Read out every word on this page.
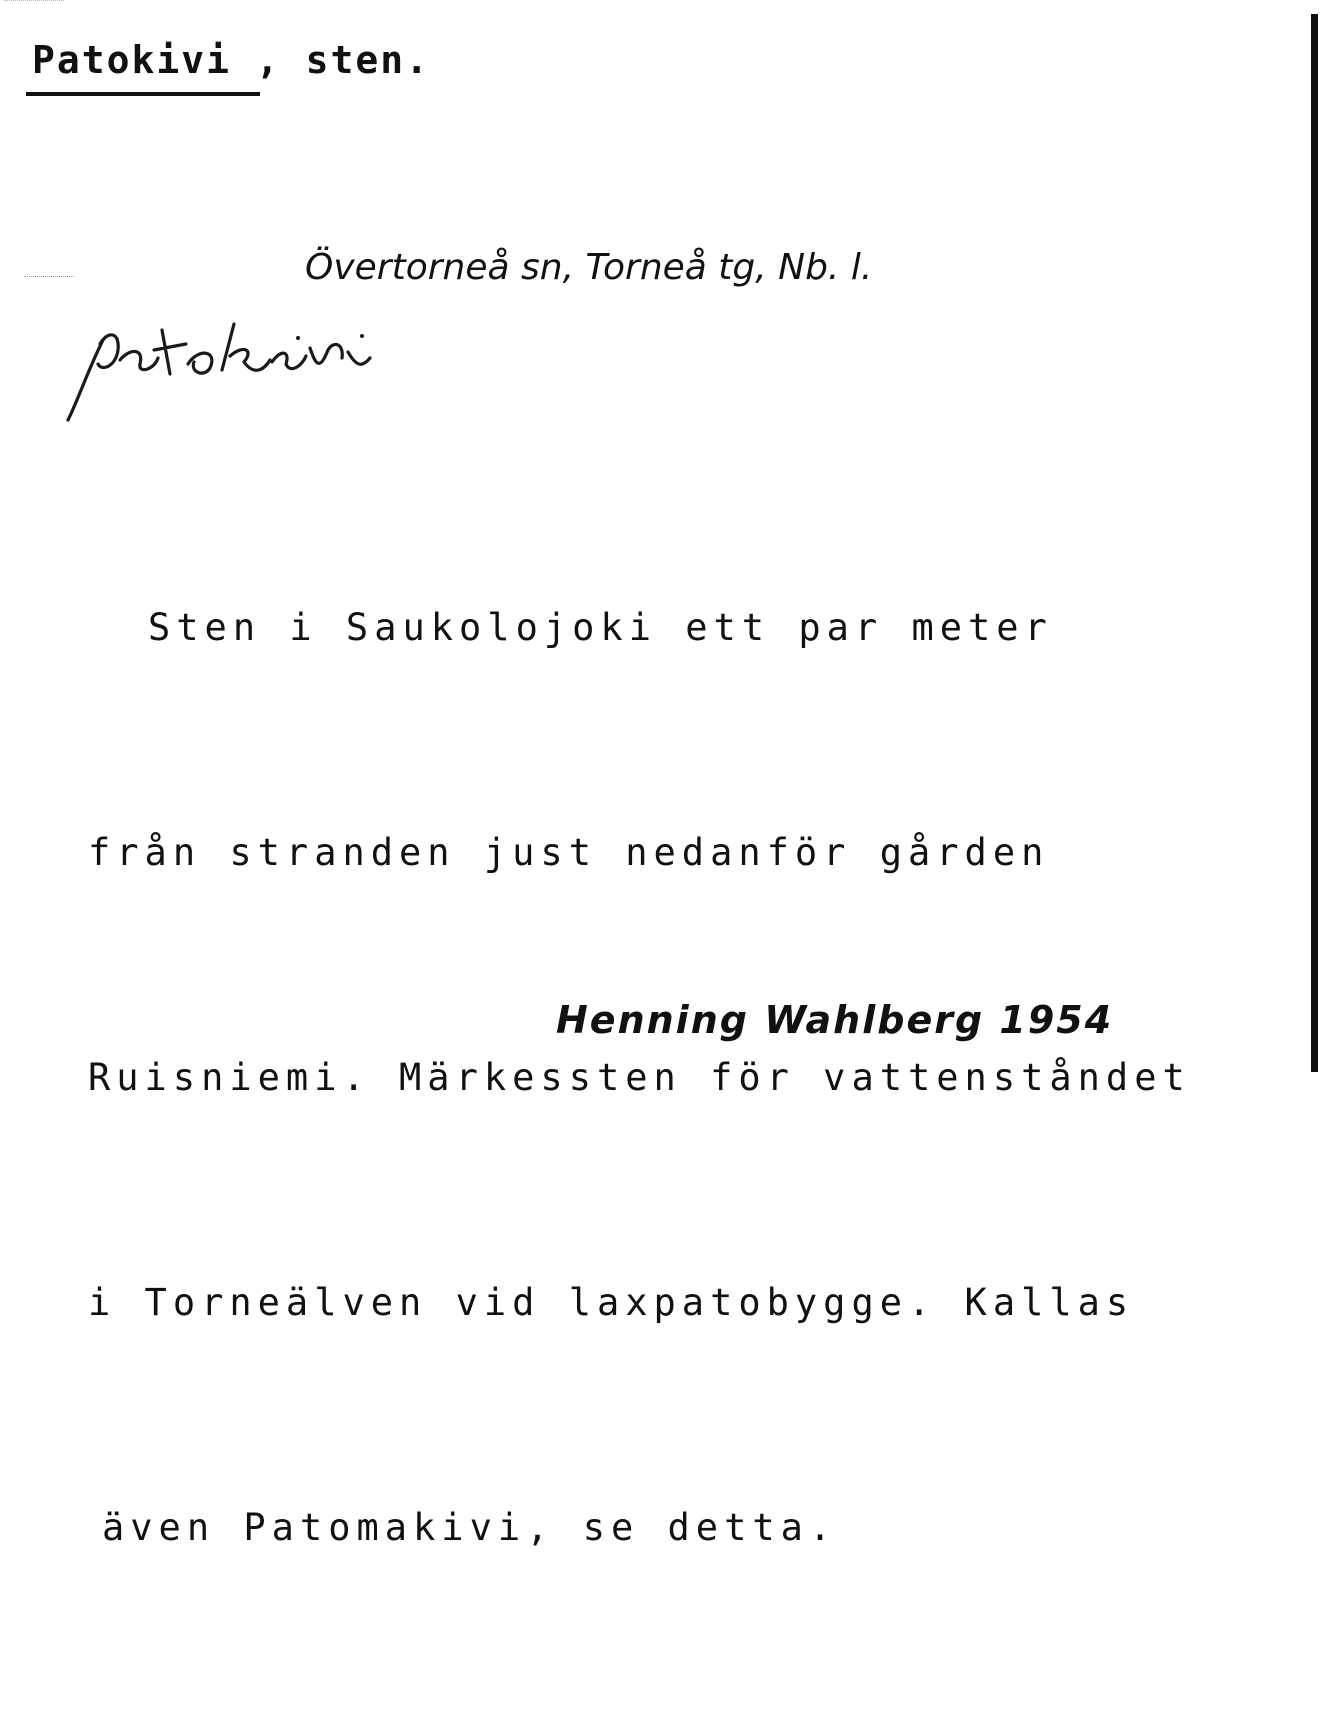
Patokivi , sten.
Övertorneå sn, Torneå tg, Nb. l.

Sten i Saukolojoki ett par meter

från stranden just nedanför gården

Ruisniemi. Märkessten för vattenståndet

i Torneälven vid laxpatobygge. Kallas

även Patomakivi, se detta.

Henning Wahlberg 1954
